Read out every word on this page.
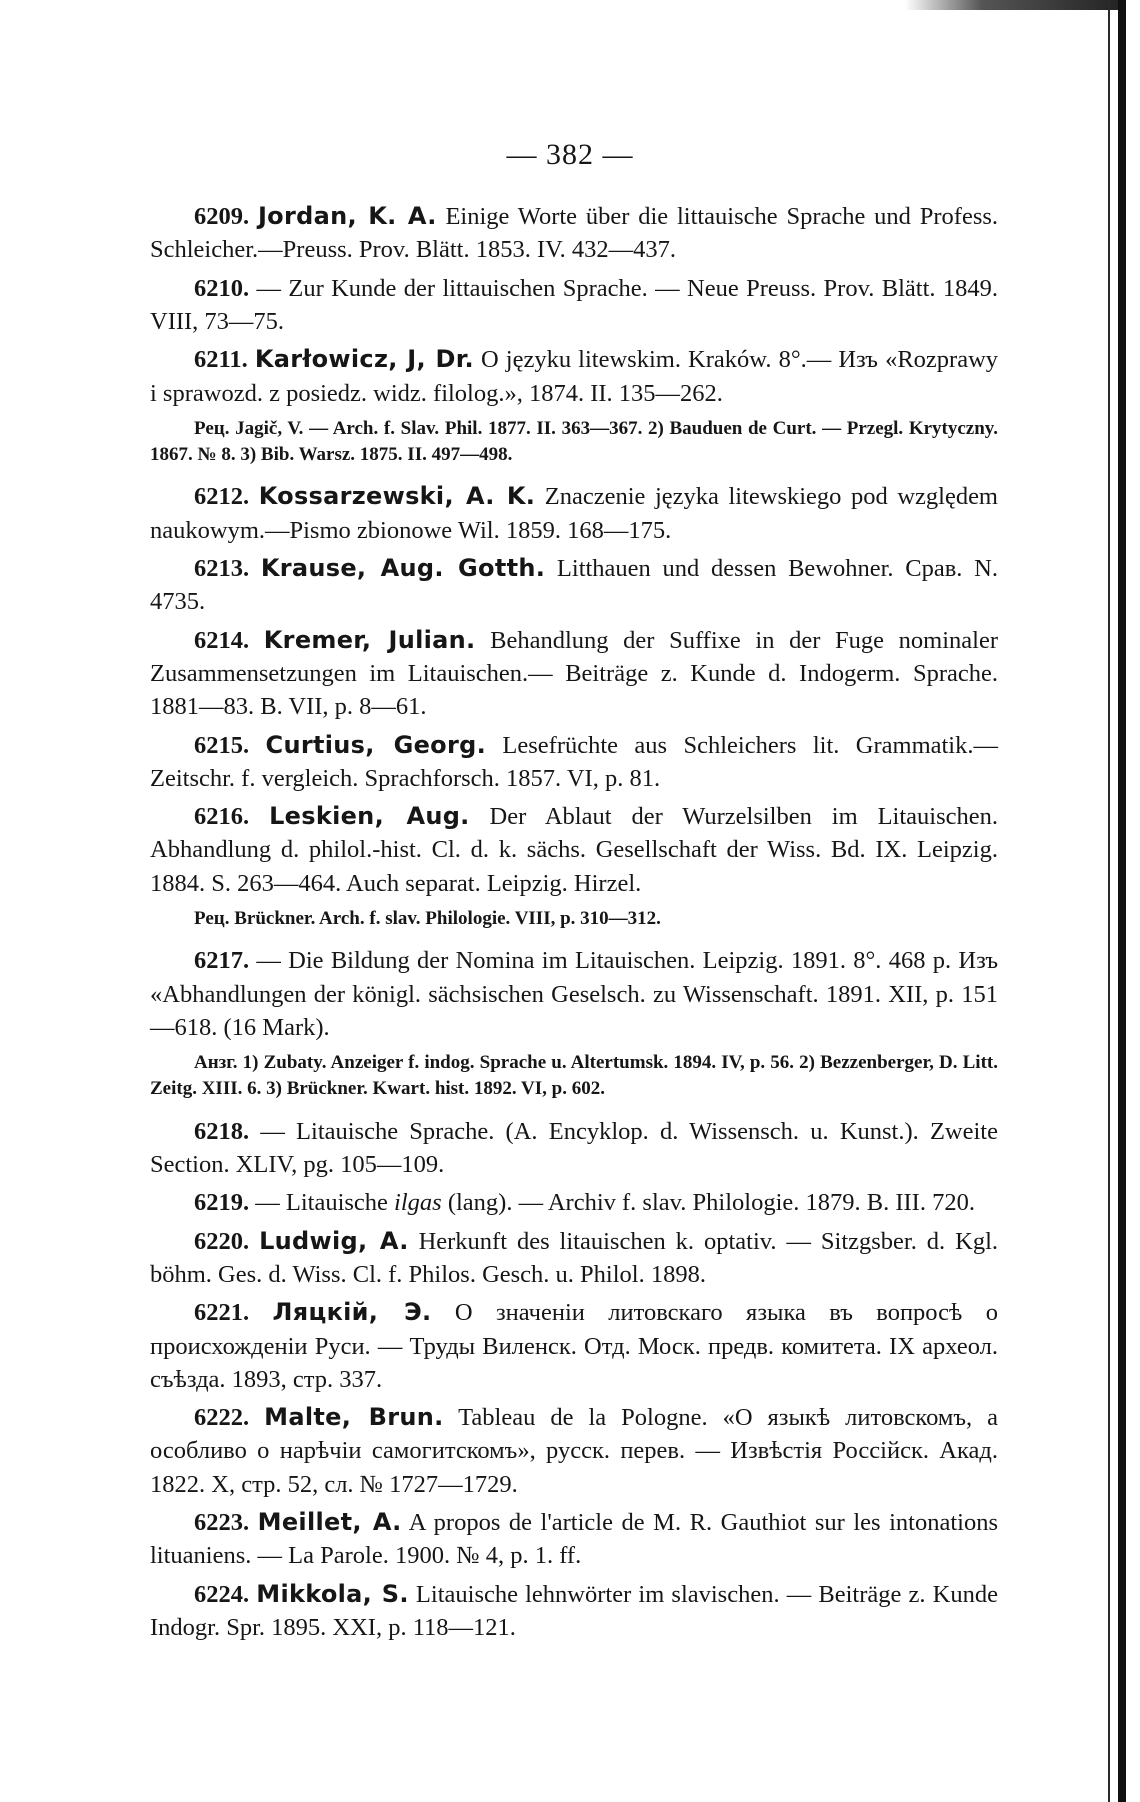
— 382 —

6209. Jordan, K. A. Einige Worte über die littauische Sprache und Profess. Schleicher.—Preuss. Prov. Blätt. 1853. IV. 432—437.

6210. — Zur Kunde der littauischen Sprache. — Neue Preuss. Prov. Blätt. 1849. VIII, 73—75.

6211. Karłowicz, J, Dr. O języku litewskim. Kraków. 8°.— Изъ «Rozprawy i sprawozd. z posiedz. widz. filolog.», 1874. II. 135—262.

Рец. Jagič, V. — Arch. f. Slav. Phil. 1877. II. 363—367. 2) Bauduen de Curt. — Przegl. Krytyczny. 1867. № 8. 3) Bib. Warsz. 1875. II. 497—498.

6212. Kossarzewski, A. K. Znaczenie języka litewskiego pod względem naukowym.—Pismo zbionowe Wil. 1859. 168—175.

6213. Krause, Aug. Gotth. Litthauen und dessen Bewohner. Срав. N. 4735.

6214. Kremer, Julian. Behandlung der Suffixe in der Fuge nominaler Zusammensetzungen im Litauischen.— Beiträge z. Kunde d. Indogerm. Sprache. 1881—83. B. VII, p. 8—61.

6215. Curtius, Georg. Lesefrüchte aus Schleichers lit. Grammatik.—Zeitschr. f. vergleich. Sprachforsch. 1857. VI, p. 81.

6216. Leskien, Aug. Der Ablaut der Wurzelsilben im Litauischen. Abhandlung d. philol.-hist. Cl. d. k. sächs. Gesellschaft der Wiss. Bd. IX. Leipzig. 1884. S. 263—464. Auch separat. Leipzig. Hirzel.

Рец. Brückner. Arch. f. slav. Philologie. VIII, p. 310—312.

6217. — Die Bildung der Nomina im Litauischen. Leipzig. 1891. 8°. 468 p. Изъ «Abhandlungen der königl. sächsischen Geselsch. zu Wissenschaft. 1891. XII, p. 151—618. (16 Mark).

Анзг. 1) Zubaty. Anzeiger f. indog. Sprache u. Altertumsk. 1894. IV, p. 56. 2) Bezzenberger, D. Litt. Zeitg. XIII. 6. 3) Brückner. Kwart. hist. 1892. VI, p. 602.

6218. — Litauische Sprache. (A. Encyklop. d. Wissensch. u. Kunst.). Zweite Section. XLIV, pg. 105—109.

6219. — Litauische ilgas (lang). — Archiv f. slav. Philologie. 1879. B. III. 720.

6220. Ludwig, A. Herkunft des litauischen k. optativ. — Sitzgsber. d. Kgl. böhm. Ges. d. Wiss. Cl. f. Philos. Gesch. u. Philol. 1898.

6221. Ляцкій, Э. О значеніи литовскаго языка въ вопросѣ о происхожденіи Руси. — Труды Виленск. Отд. Моск. предв. комитета. IX археол. съѣзда. 1893, стр. 337.

6222. Malte, Brun. Tableau de la Pologne. «О языкѣ литовскомъ, а особливо о нарѣчіи самогитскомъ», русск. перев. — Извѣстія Россійск. Акад. 1822. X, стр. 52, сл. № 1727—1729.

6223. Meillet, A. A propos de l'article de M. R. Gauthiot sur les intonations lituaniens. — La Parole. 1900. № 4, p. 1. ff.

6224. Mikkola, S. Litauische lehnwörter im slavischen. — Beiträge z. Kunde Indogr. Spr. 1895. XXI, p. 118—121.
